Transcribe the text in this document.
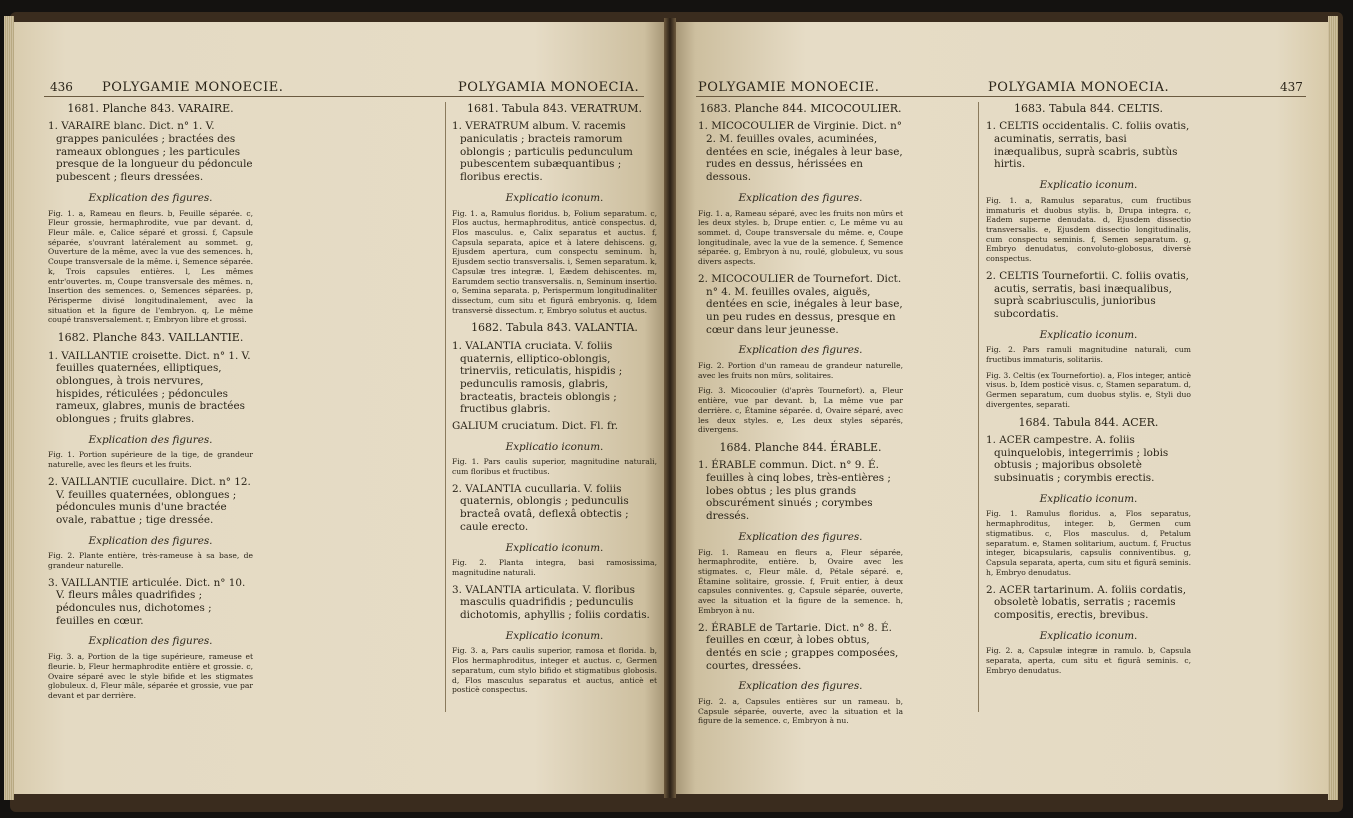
436 POLYGAMIE MONOECIE.	POLYGAMIA MONOECIA.

1681. Planche 843. VARAIRE.

1. VARAIRE blanc. Dict. n° 1. V. grappes paniculées ; bractées des rameaux oblongues ; les particules presque de la longueur du pédoncule pubescent ; fleurs dressées.

Explication des figures.

Fig. 1. a, Rameau en fleurs. b, Feuille séparée. c, Fleur grossie, hermaphrodite, vue par devant. d, Fleur mâle. e, Calice séparé et grossi. f, Capsule séparée, s'ouvrant latéralement au sommet. g, Ouverture de la même, avec la vue des semences. h, Coupe transversale de la même. i, Semence séparée. k, Trois capsules entières. l, Les mêmes entr'ouvertes. m, Coupe transversale des mêmes. n, Insertion des semences. o, Semences séparées. p, Périsperme divisé longitudinalement, avec la situation et la figure de l'embryon. q, Le même coupé transversalement. r, Embryon libre et grossi.

1682. Planche 843. VAILLANTIE.

1. VAILLANTIE croisette. Dict. n° 1. V. feuilles quaternées, elliptiques, oblongues, à trois nervures, hispides, réticulées ; pédoncules rameux, glabres, munis de bractées oblongues ; fruits glabres.

Explication des figures.

Fig. 1. Portion supérieure de la tige, de grandeur naturelle, avec les fleurs et les fruits.

2. VAILLANTIE cucullaire. Dict. n° 12. V. feuilles quaternées, oblongues ; pédoncules munis d'une bractée ovale, rabattue ; tige dressée.

Explication des figures.

Fig. 2. Plante entière, très-rameuse à sa base, de grandeur naturelle.

3. VAILLANTIE articulée. Dict. n° 10. V. fleurs mâles quadrifides ; pédoncules nus, dichotomes ; feuilles en cœur.

Explication des figures.

Fig. 3. a, Portion de la tige supérieure, rameuse et fleurie. b, Fleur hermaphrodite entière et grossie. c, Ovaire séparé avec le style bifide et les stigmates globuleux. d, Fleur mâle, séparée et grossie, vue par devant et par derrière.

1681. Tabula 843. VERATRUM.

1. VERATRUM album. V. racemis paniculatis ; bracteis ramorum oblongis ; particulis pedunculum pubescentem subæquantibus ; floribus erectis.

Explicatio iconum.

Fig. 1. a, Ramulus floridus. b, Folium separatum. c, Flos auctus, hermaphroditus, anticè conspectus. d, Flos masculus. e, Calix separatus et auctus. f, Capsula separata, apice et à latere dehiscens. g, Ejusdem apertura, cum conspectu seminum. h, Ejusdem sectio transversalis. i, Semen separatum. k, Capsulæ tres integræ. l, Eædem dehiscentes. m, Earumdem sectio transversalis. n, Seminum insertio. o, Semina separata. p, Perispermum longitudinaliter dissectum, cum situ et figurâ embryonis. q, Idem transversè dissectum. r, Embryo solutus et auctus.

1682. Tabula 843. VALANTIA.

1. VALANTIA cruciata. V. foliis quaternis, elliptico-oblongis, trinerviis, reticulatis, hispidis ; pedunculis ramosis, glabris, bracteatis, bracteis oblongis ; fructibus glabris.

GALIUM cruciatum. Dict. Fl. fr.

Explicatio iconum.

Fig. 1. Pars caulis superior, magnitudine naturali, cum floribus et fructibus.

2. VALANTIA cucullaria. V. foliis quaternis, oblongis ; pedunculis bracteâ ovatâ, deflexâ obtectis ; caule erecto.

Explicatio iconum.

Fig. 2. Planta integra, basi ramosissima, magnitudine naturali.

3. VALANTIA articulata. V. floribus masculis quadrifidis ; pedunculis dichotomis, aphyllis ; foliis cordatis.

Explicatio iconum.

Fig. 3. a, Pars caulis superior, ramosa et florida. b, Flos hermaphroditus, integer et auctus. c, Germen separatum, cum stylo bifido et stigmatibus globosis. d, Flos masculus separatus et auctus, anticè et posticè conspectus.

POLYGAMIE MONOECIE.	POLYGAMIA MONOECIA.	437

1683. Planche 844. MICOCOULIER.

1. MICOCOULIER de Virginie. Dict. n° 2. M. feuilles ovales, acuminées, dentées en scie, inégales à leur base, rudes en dessus, hérissées en dessous.

Explication des figures.

Fig. 1. a, Rameau séparé, avec les fruits non mûrs et les deux styles. b, Drupe entier. c, Le même vu au sommet. d, Coupe transversale du même. e, Coupe longitudinale, avec la vue de la semence. f, Semence séparée. g, Embryon à nu, roulé, globuleux, vu sous divers aspects.

2. MICOCOULIER de Tournefort. Dict. n° 4. M. feuilles ovales, aiguës, dentées en scie, inégales à leur base, un peu rudes en dessus, presque en cœur dans leur jeunesse.

Explication des figures.

Fig. 2. Portion d'un rameau de grandeur naturelle, avec les fruits non mûrs, solitaires.

Fig. 3. Micocoulier (d'après Tournefort). a, Fleur entière, vue par devant. b, La même vue par derrière. c, Étamine séparée. d, Ovaire séparé, avec les deux styles. e, Les deux styles séparés, divergens.

1684. Planche 844. ÉRABLE.

1. ÉRABLE commun. Dict. n° 9. É. feuilles à cinq lobes, très-entières ; lobes obtus ; les plus grands obscurément sinués ; corymbes dressés.

Explication des figures.

Fig. 1. Rameau en fleurs a, Fleur séparée, hermaphrodite, entière. b, Ovaire avec les stigmates. c, Fleur mâle. d, Pétale séparé. e, Étamine solitaire, grossie. f, Fruit entier, à deux capsules conniventes. g, Capsule séparée, ouverte, avec la situation et la figure de la semence. h, Embryon à nu.

2. ÉRABLE de Tartarie. Dict. n° 8. É. feuilles en cœur, à lobes obtus, dentés en scie ; grappes composées, courtes, dressées.

Explication des figures.

Fig. 2. a, Capsules entières sur un rameau. b, Capsule séparée, ouverte, avec la situation et la figure de la semence. c, Embryon à nu.

1683. Tabula 844. CELTIS.

1. CELTIS occidentalis. C. foliis ovatis, acuminatis, serratis, basi inæqualibus, suprà scabris, subtùs hirtis.

Explicatio iconum.

Fig. 1. a, Ramulus separatus, cum fructibus immaturis et duobus stylis. b, Drupa integra. c, Eadem superne denudata. d, Ejusdem dissectio transversalis. e, Ejusdem dissectio longitudinalis, cum conspectu seminis. f, Semen separatum. g, Embryo denudatus, convoluto-globosus, diversè conspectus.

2. CELTIS Tournefortii. C. foliis ovatis, acutis, serratis, basi inæqualibus, suprà scabriusculis, junioribus subcordatis.

Explicatio iconum.

Fig. 2. Pars ramuli magnitudine naturali, cum fructibus immaturis, solitariis.

Fig. 3. Celtis (ex Tournefortio). a, Flos integer, anticè visus. b, Idem posticè visus. c, Stamen separatum. d, Germen separatum, cum duobus stylis. e, Styli duo divergentes, separati.

1684. Tabula 844. ACER.

1. ACER campestre. A. foliis quinquelobis, integerrimis ; lobis obtusis ; majoribus obsoletè subsinuatis ; corymbis erectis.

Explicatio iconum.

Fig. 1. Ramulus floridus. a, Flos separatus, hermaphroditus, integer. b, Germen cum stigmatibus. c, Flos masculus. d, Petalum separatum. e, Stamen solitarium, auctum. f, Fructus integer, bicapsularis, capsulis conniventibus. g, Capsula separata, aperta, cum situ et figurâ seminis. h, Embryo denudatus.

2. ACER tartarinum. A. foliis cordatis, obsoletè lobatis, serratis ; racemis compositis, erectis, brevibus.

Explicatio iconum.

Fig. 2. a, Capsulæ integræ in ramulo. b, Capsula separata, aperta, cum situ et figurâ seminis. c, Embryo denudatus.
